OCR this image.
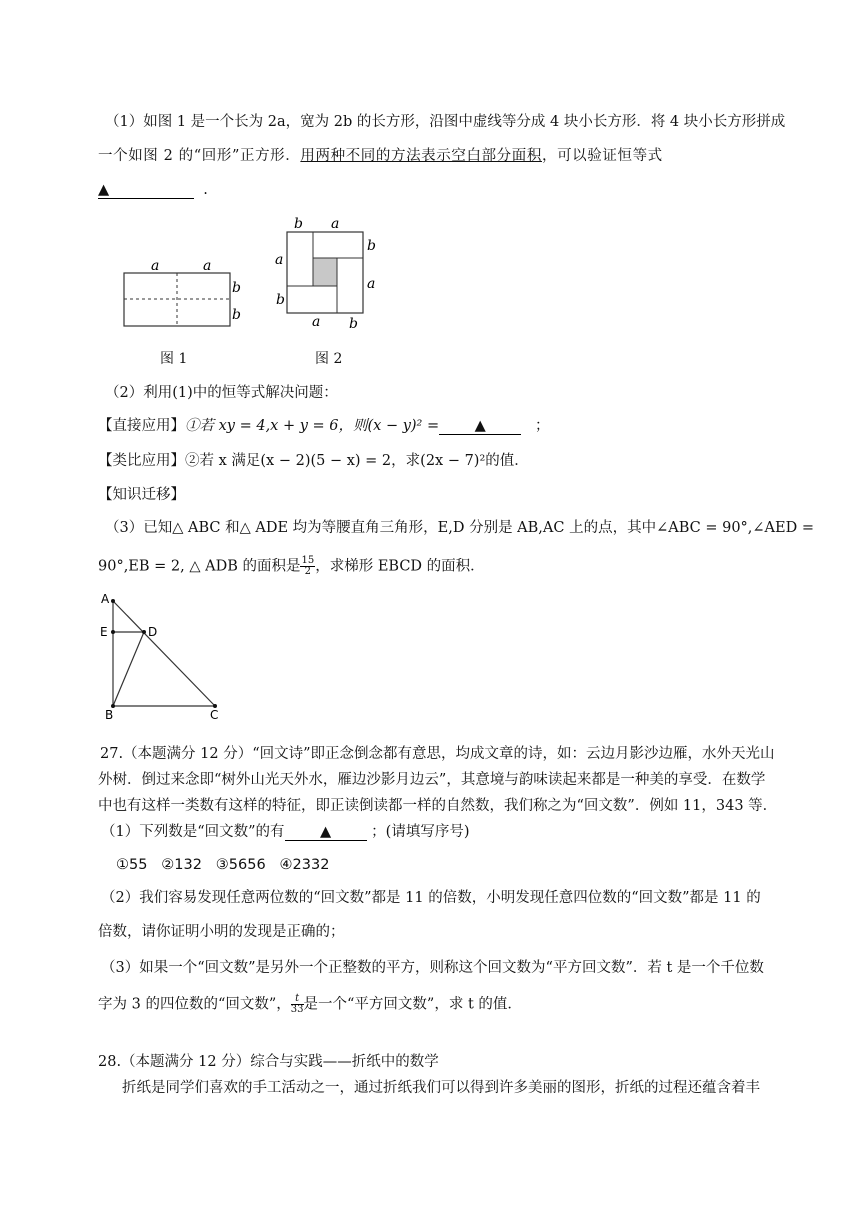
（1）如图 1 是一个长为 2a，宽为 2b 的长方形，沿图中虚线等分成 4 块小长方形．将 4 块小长方形拼成
一个如图 2 的“回形”正方形．用两种不同的方法表示空白部分面积，可以验证恒等式
▲	.
a	a
b
b
图 1
b a
a
b
b
a
a b
图 2
（2）利用(1)中的恒等式解决问题：
【直接应用】①若 xy = 4,x + y = 6，则(x − y)² = ▲	；
【类比应用】②若 x 满足(x − 2)(5 − x) = 2，求(2x − 7)²的值．
【知识迁移】
（3）已知△ ABC 和△ ADE 均为等腰直角三角形，E,D 分别是 AB,AC 上的点，其中∠ABC = 90°,∠AED =
90°,EB = 2, △ ADB 的面积是 $\frac{15}{2}$ ，求梯形 EBCD 的面积．
A
E	D
B	C
27.（本题满分 12 分）“回文诗”即正念倒念都有意思，均成文章的诗，如：云边月影沙边雁，水外天光山
外树．倒过来念即“树外山光天外水，雁边沙影月边云”，其意境与韵味读起来都是一种美的享受．在数学
中也有这样一类数有这样的特征，即正读倒读都一样的自然数，我们称之为“回文数”．例如 11，343 等．
（1）下列数是“回文数”的有 ▲	；(请填写序号)
①55 ②132 ③5656 ④2332
（2）我们容易发现任意两位数的“回文数”都是 11 的倍数，小明发现任意四位数的“回文数”都是 11 的
倍数，请你证明小明的发现是正确的；
（3）如果一个“回文数”是另外一个正整数的平方，则称这个回文数为“平方回文数”．若 t 是一个千位数
字为 3 的四位数的“回文数”， $\frac{t}{33}$ 是一个“平方回文数”，求 t 的值．
28.（本题满分 12 分）综合与实践——折纸中的数学
折纸是同学们喜欢的手工活动之一，通过折纸我们可以得到许多美丽的图形，折纸的过程还蕴含着丰
